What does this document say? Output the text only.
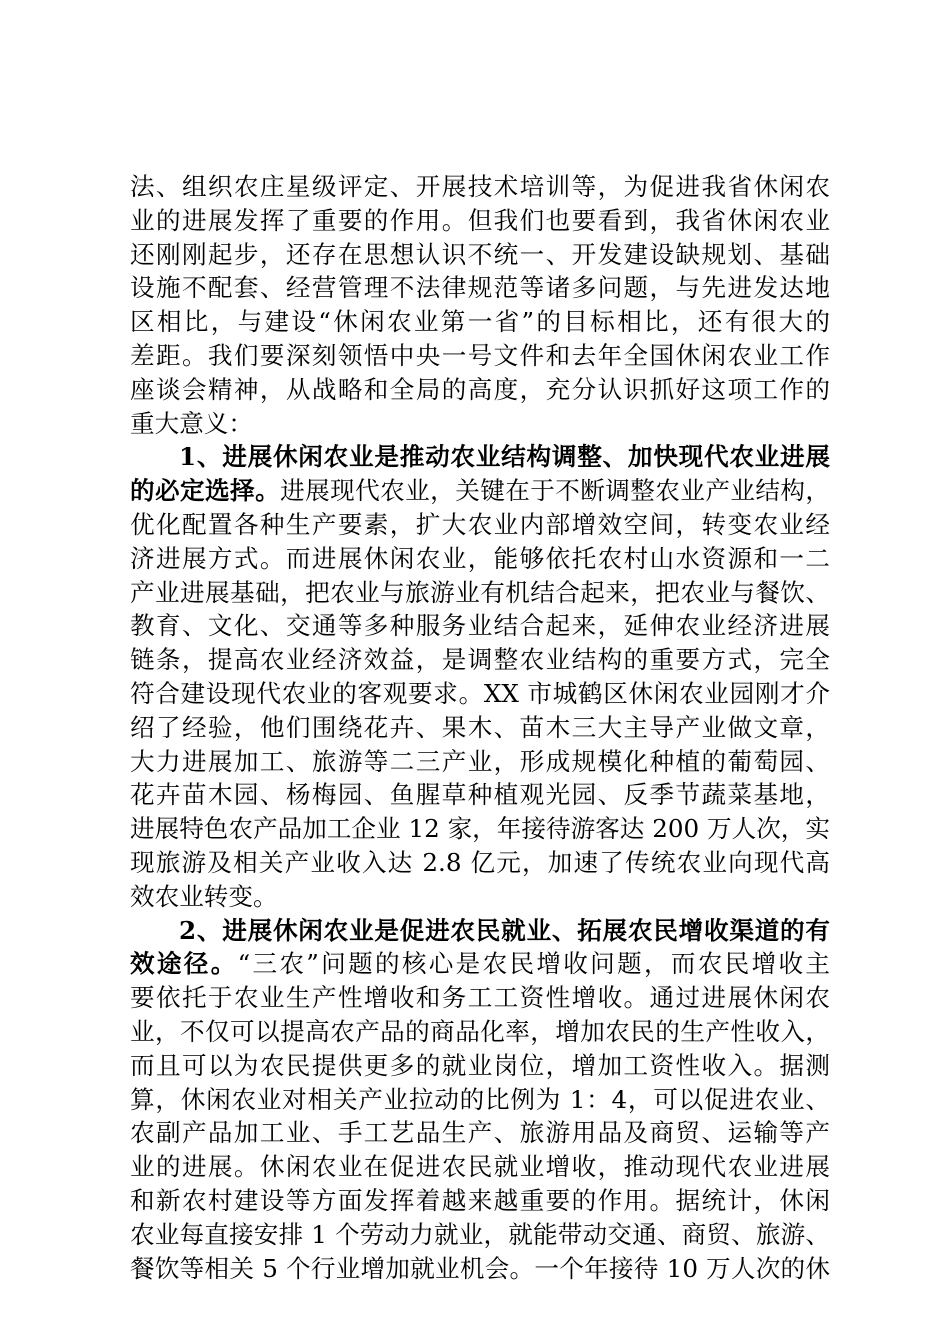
法、组织农庄星级评定、开展技术培训等，为促进我省休闲农
业的进展发挥了重要的作用。但我们也要看到，我省休闲农业
还刚刚起步，还存在思想认识不统一、开发建设缺规划、基础
设施不配套、经营管理不法律规范等诸多问题，与先进发达地
区相比，与建设“休闲农业第一省”的目标相比，还有很大的
差距。我们要深刻领悟中央一号文件和去年全国休闲农业工作
座谈会精神，从战略和全局的高度，充分认识抓好这项工作的
重大意义：
1、进展休闲农业是推动农业结构调整、加快现代农业进展
的必定选择。进展现代农业，关键在于不断调整农业产业结构，
优化配置各种生产要素，扩大农业内部增效空间，转变农业经
济进展方式。而进展休闲农业，能够依托农村山水资源和一二
产业进展基础，把农业与旅游业有机结合起来，把农业与餐饮、
教育、文化、交通等多种服务业结合起来，延伸农业经济进展
链条，提高农业经济效益，是调整农业结构的重要方式，完全
符合建设现代农业的客观要求。XX 市城鹤区休闲农业园刚才介
绍了经验，他们围绕花卉、果木、苗木三大主导产业做文章，
大力进展加工、旅游等二三产业，形成规模化种植的葡萄园、
花卉苗木园、杨梅园、鱼腥草种植观光园、反季节蔬菜基地，
进展特色农产品加工企业 12 家，年接待游客达 200 万人次，实
现旅游及相关产业收入达 2.8 亿元，加速了传统农业向现代高
效农业转变。
2、进展休闲农业是促进农民就业、拓展农民增收渠道的有
效途径。“三农”问题的核心是农民增收问题，而农民增收主
要依托于农业生产性增收和务工工资性增收。通过进展休闲农
业，不仅可以提高农产品的商品化率，增加农民的生产性收入，
而且可以为农民提供更多的就业岗位，增加工资性收入。据测
算，休闲农业对相关产业拉动的比例为 1：4，可以促进农业、
农副产品加工业、手工艺品生产、旅游用品及商贸、运输等产
业的进展。休闲农业在促进农民就业增收，推动现代农业进展
和新农村建设等方面发挥着越来越重要的作用。据统计，休闲
农业每直接安排 1 个劳动力就业，就能带动交通、商贸、旅游、
餐饮等相关 5 个行业增加就业机会。一个年接待 10 万人次的休
